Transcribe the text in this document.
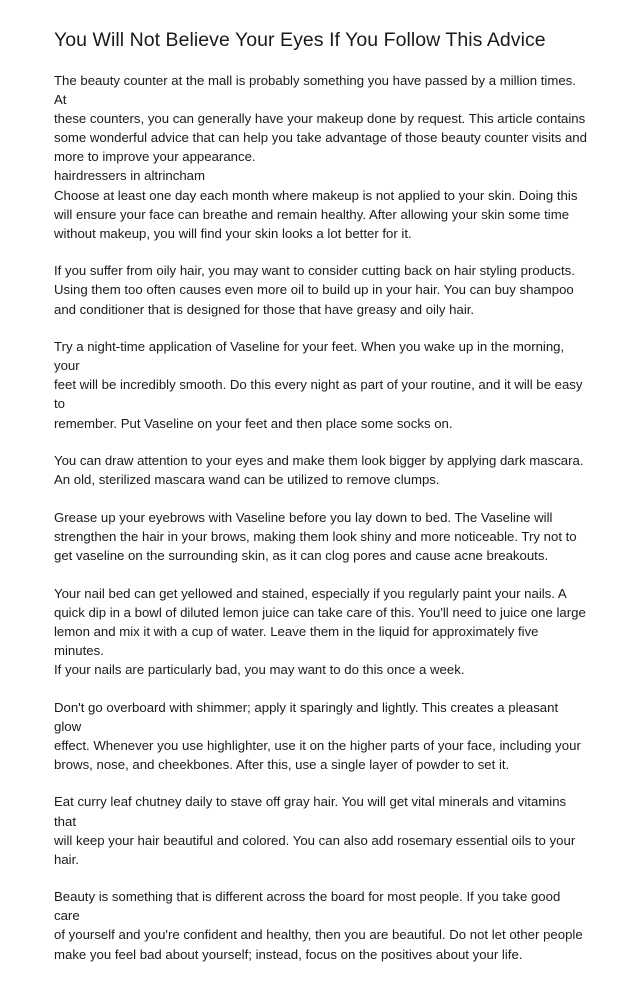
You Will Not Believe Your Eyes If You Follow This Advice

The beauty counter at the mall is probably something you have passed by a million times. At
these counters, you can generally have your makeup done by request. This article contains
some wonderful advice that can help you take advantage of those beauty counter visits and
more to improve your appearance.

hairdressers in altrincham

Choose at least one day each month where makeup is not applied to your skin. Doing this
will ensure your face can breathe and remain healthy. After allowing your skin some time
without makeup, you will find your skin looks a lot better for it.

If you suffer from oily hair, you may want to consider cutting back on hair styling products.
Using them too often causes even more oil to build up in your hair. You can buy shampoo
and conditioner that is designed for those that have greasy and oily hair.

Try a night-time application of Vaseline for your feet. When you wake up in the morning, your
feet will be incredibly smooth. Do this every night as part of your routine, and it will be easy to
remember. Put Vaseline on your feet and then place some socks on.

You can draw attention to your eyes and make them look bigger by applying dark mascara.
An old, sterilized mascara wand can be utilized to remove clumps.

Grease up your eyebrows with Vaseline before you lay down to bed. The Vaseline will
strengthen the hair in your brows, making them look shiny and more noticeable. Try not to
get vaseline on the surrounding skin, as it can clog pores and cause acne breakouts.

Your nail bed can get yellowed and stained, especially if you regularly paint your nails. A
quick dip in a bowl of diluted lemon juice can take care of this. You'll need to juice one large
lemon and mix it with a cup of water. Leave them in the liquid for approximately five minutes.
If your nails are particularly bad, you may want to do this once a week.

Don't go overboard with shimmer; apply it sparingly and lightly. This creates a pleasant glow
effect. Whenever you use highlighter, use it on the higher parts of your face, including your
brows, nose, and cheekbones. After this, use a single layer of powder to set it.

Eat curry leaf chutney daily to stave off gray hair. You will get vital minerals and vitamins that
will keep your hair beautiful and colored. You can also add rosemary essential oils to your
hair.

Beauty is something that is different across the board for most people. If you take good care
of yourself and you're confident and healthy, then you are beautiful. Do not let other people
make you feel bad about yourself; instead, focus on the positives about your life.
